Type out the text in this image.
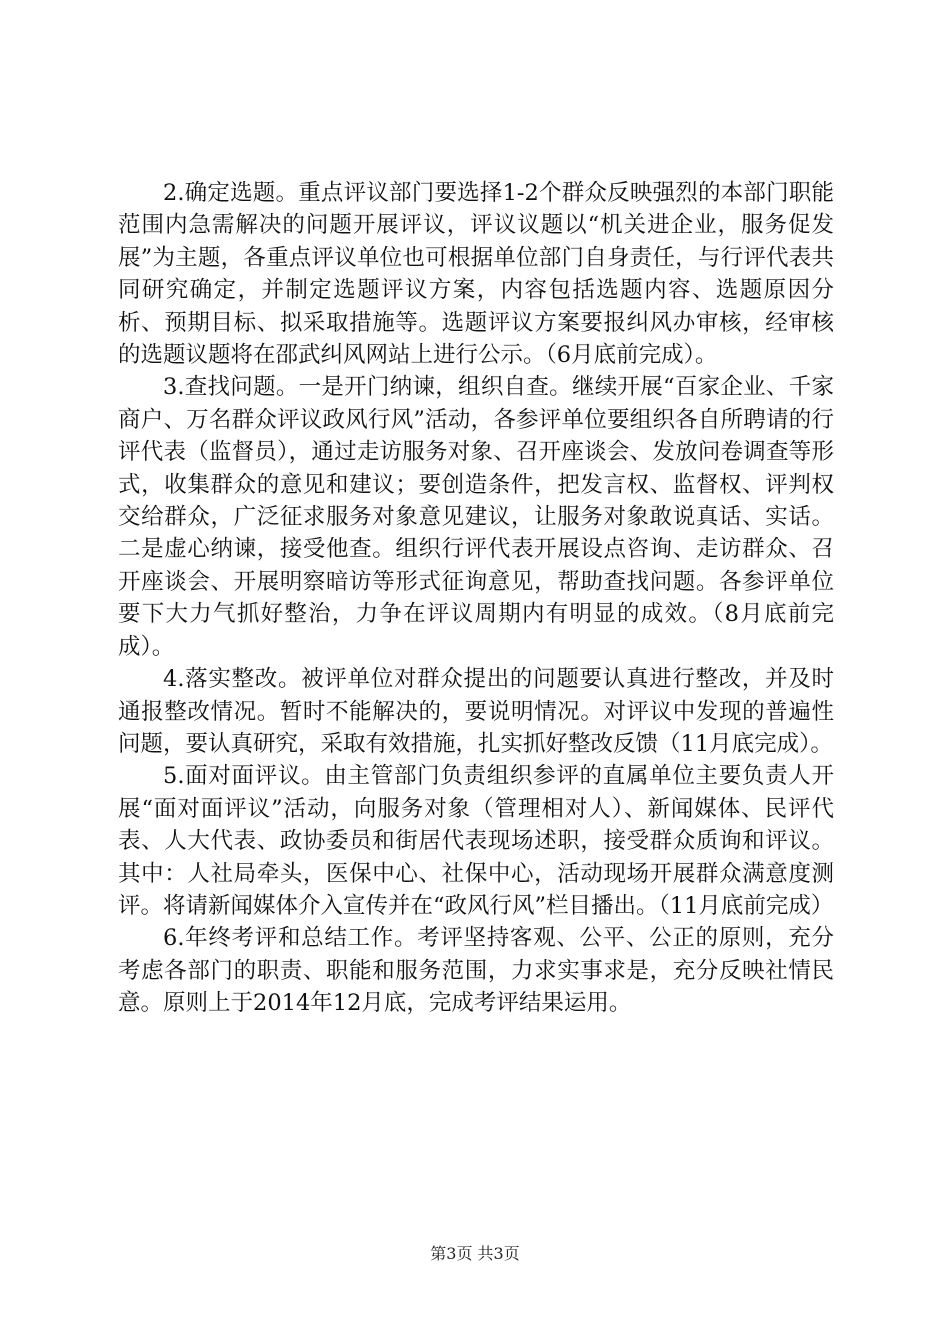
2.确定选题。重点评议部门要选择1-2个群众反映强烈的本部门职能范围内急需解决的问题开展评议，评议议题以“机关进企业，服务促发展”为主题，各重点评议单位也可根据单位部门自身责任，与行评代表共同研究确定，并制定选题评议方案，内容包括选题内容、选题原因分析、预期目标、拟采取措施等。选题评议方案要报纠风办审核，经审核的选题议题将在邵武纠风网站上进行公示。（6月底前完成）。

3.查找问题。一是开门纳谏，组织自查。继续开展“百家企业、千家商户、万名群众评议政风行风”活动，各参评单位要组织各自所聘请的行评代表（监督员），通过走访服务对象、召开座谈会、发放问卷调查等形式，收集群众的意见和建议；要创造条件，把发言权、监督权、评判权交给群众，广泛征求服务对象意见建议，让服务对象敢说真话、实话。二是虚心纳谏，接受他查。组织行评代表开展设点咨询、走访群众、召开座谈会、开展明察暗访等形式征询意见，帮助查找问题。各参评单位要下大力气抓好整治，力争在评议周期内有明显的成效。（8月底前完成）。

4.落实整改。被评单位对群众提出的问题要认真进行整改，并及时通报整改情况。暂时不能解决的，要说明情况。对评议中发现的普遍性问题，要认真研究，采取有效措施，扎实抓好整改反馈（11月底完成）。

5.面对面评议。由主管部门负责组织参评的直属单位主要负责人开展“面对面评议”活动，向服务对象（管理相对人）、新闻媒体、民评代表、人大代表、政协委员和街居代表现场述职，接受群众质询和评议。其中：人社局牵头，医保中心、社保中心，活动现场开展群众满意度测评。将请新闻媒体介入宣传并在“政风行风”栏目播出。（11月底前完成）

6.年终考评和总结工作。考评坚持客观、公平、公正的原则，充分考虑各部门的职责、职能和服务范围，力求实事求是，充分反映社情民意。原则上于2014年12月底，完成考评结果运用。

第3页 共3页
